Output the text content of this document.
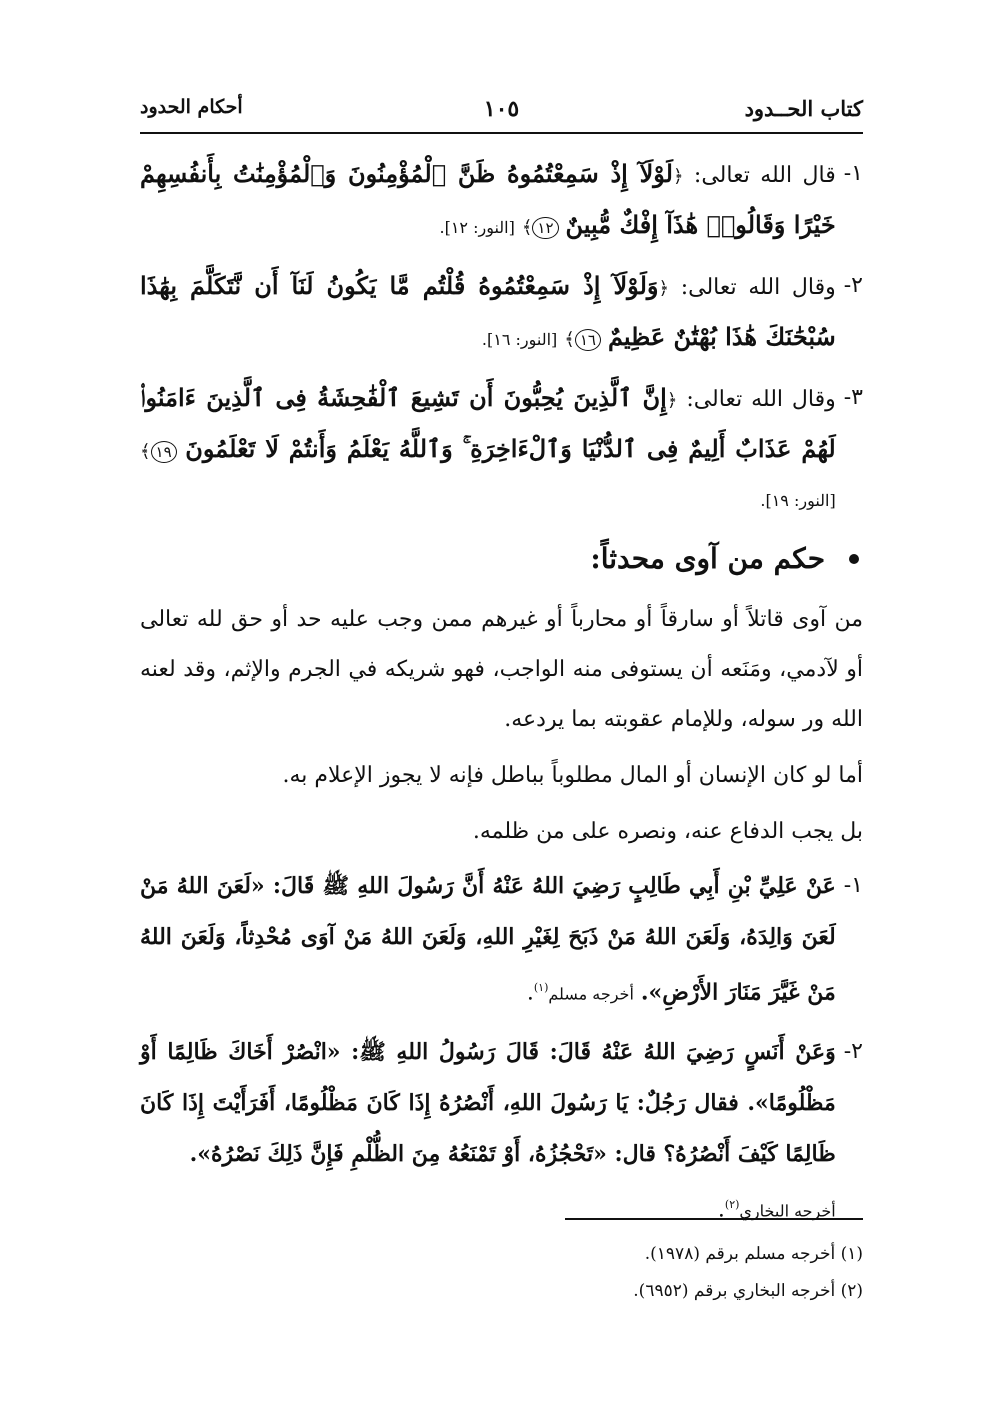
كتاب الحــدود
١٠٥
أحكام الحدود
١-
قال الله تعالى: ﴿لَوْلَآ إِذْ سَمِعْتُمُوهُ ظَنَّ ٱلْمُؤْمِنُونَ وَٱلْمُؤْمِنَٰتُ بِأَنفُسِهِمْ خَيْرًا وَقَالُوا۟ هَٰذَآ إِفْكٌ مُّبِينٌ ١٢﴾ [النور: ١٢].
٢-
وقال الله تعالى: ﴿وَلَوْلَآ إِذْ سَمِعْتُمُوهُ قُلْتُم مَّا يَكُونُ لَنَآ أَن نَّتَكَلَّمَ بِهَٰذَا سُبْحَٰنَكَ هَٰذَا بُهْتَٰنٌ عَظِيمٌ ١٦﴾ [النور: ١٦].
٣-
وقال الله تعالى: ﴿إِنَّ ٱلَّذِينَ يُحِبُّونَ أَن تَشِيعَ ٱلْفَٰحِشَةُ فِى ٱلَّذِينَ ءَامَنُوا۟ لَهُمْ عَذَابٌ أَلِيمٌ فِى ٱلدُّنْيَا وَٱلْءَاخِرَةِ ۚ وَٱللَّهُ يَعْلَمُ وَأَنتُمْ لَا تَعْلَمُونَ ١٩﴾ [النور: ١٩].
حكم من آوى محدثاً:

من آوى قاتلاً أو سارقاً أو محارباً أو غيرهم ممن وجب عليه حد أو حق لله تعالى أو لآدمي، ومَنَعه أن يستوفى منه الواجب، فهو شريكه في الجرم والإثم، وقد لعنه الله ور سوله، وللإمام عقوبته بما يردعه.

أما لو كان الإنسان أو المال مطلوباً بباطل فإنه لا يجوز الإعلام به.

بل يجب الدفاع عنه، ونصره على من ظلمه.

١-
عَنْ عَلِيِّ بْنِ أَبِي طَالِبٍ رَضِيَ اللهُ عَنْهُ أَنَّ رَسُولَ اللهِ ﷺ قَالَ: «لَعَنَ اللهُ مَنْ لَعَنَ وَالِدَهُ، وَلَعَنَ اللهُ مَنْ ذَبَحَ لِغَيْرِ اللهِ، وَلَعَنَ اللهُ مَنْ آوَى مُحْدِثاً، وَلَعَنَ اللهُ مَنْ غَيَّرَ مَنَارَ الأَرْضِ». أخرجه مسلم$^{(١)}$.
٢-
وَعَنْ أَنَسٍ رَضِيَ اللهُ عَنْهُ قَالَ: قَالَ رَسُولُ اللهِ ﷺ: «انْصُرْ أَخَاكَ ظَالِمًا أَوْ مَظْلُومًا». فقال رَجُلٌ: يَا رَسُولَ اللهِ، أَنْصُرُهُ إِذَا كَانَ مَظْلُومًا، أَفَرَأَيْتَ إِذَا كَانَ ظَالِمًا كَيْفَ أَنْصُرُهُ؟ قال: «تَحْجُزُهُ، أَوْ تَمْنَعُهُ مِنَ الظُّلْمِ فَإِنَّ ذَلِكَ نَصْرُهُ».
أخرجه البخاري$^{(٢)}$.
(١) أخرجه مسلم برقم (١٩٧٨).
(٢) أخرجه البخاري برقم (٦٩٥٢).
